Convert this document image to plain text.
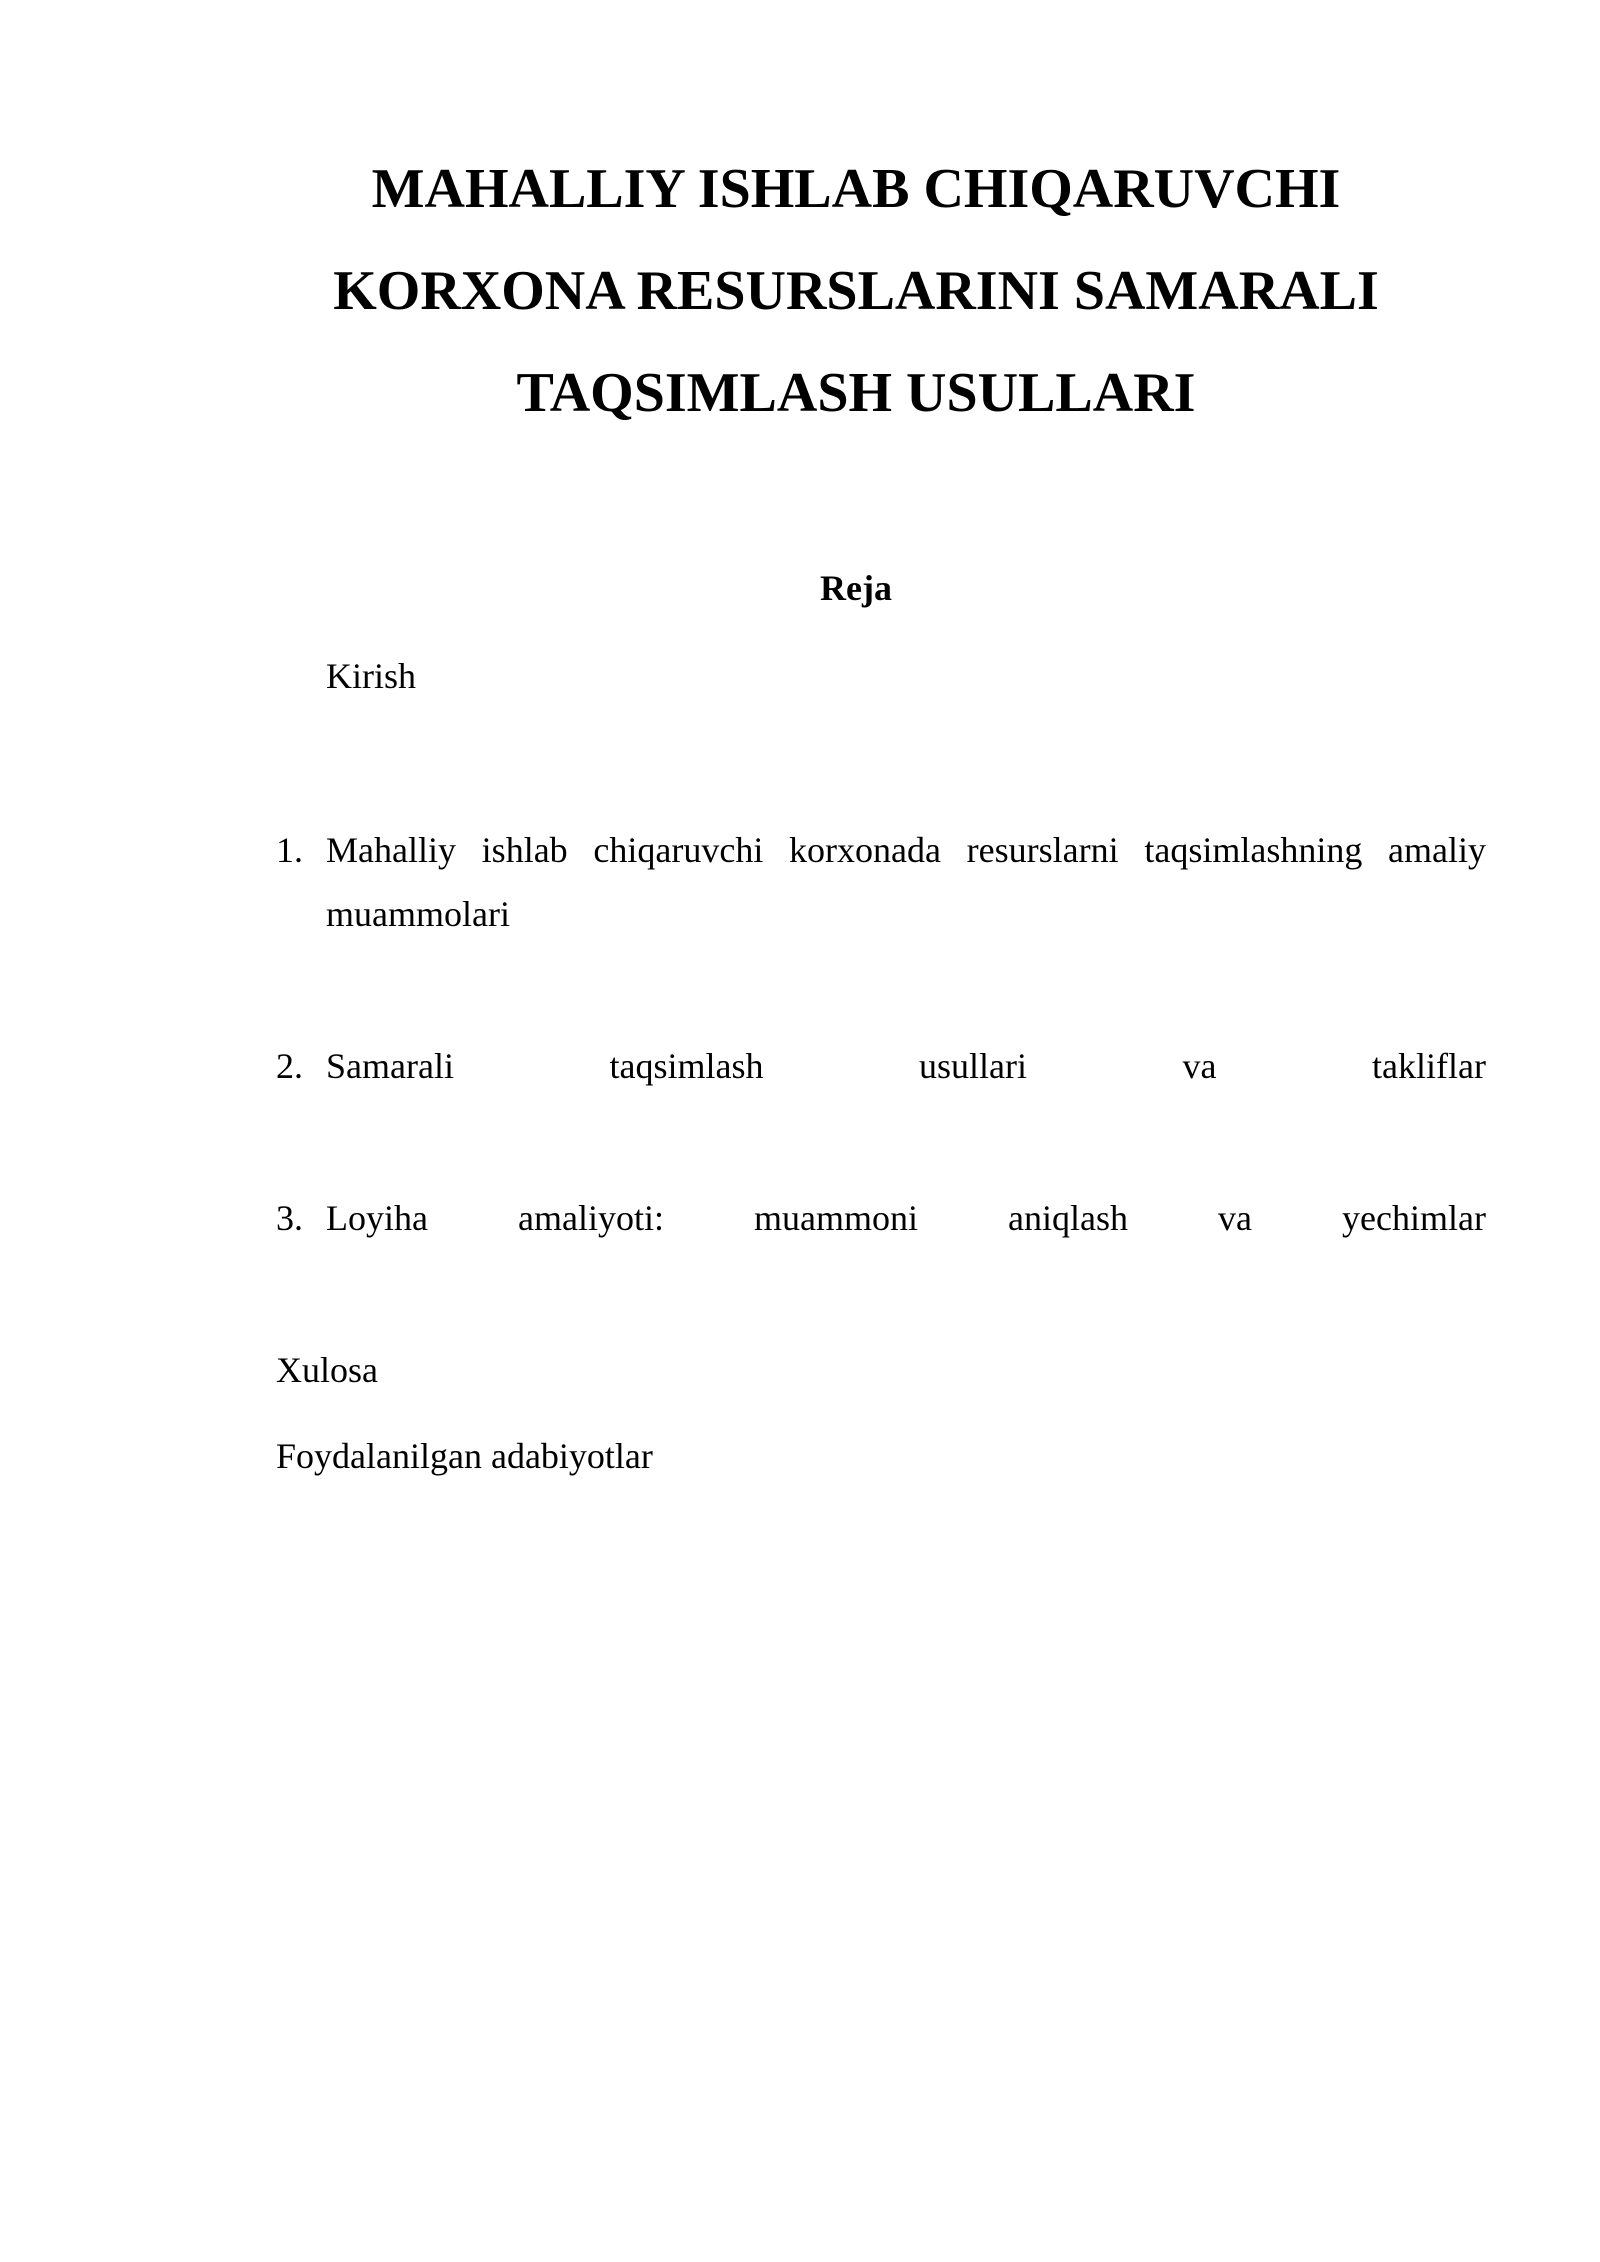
MAHALLIY ISHLAB CHIQARUVCHI
KORXONA RESURSLARINI SAMARALI
TAQSIMLASH USULLARI
Reja
Kirish
1. Mahalliy ishlab chiqaruvchi korxonada resurslarni taqsimlashning amaliy muammolari
2. Samarali	taqsimlash	usullari	va	takliflar
3. Loyiha	amaliyoti:	muammoni	aniqlash	va	yechimlar
Xulosa
Foydalanilgan adabiyotlar
